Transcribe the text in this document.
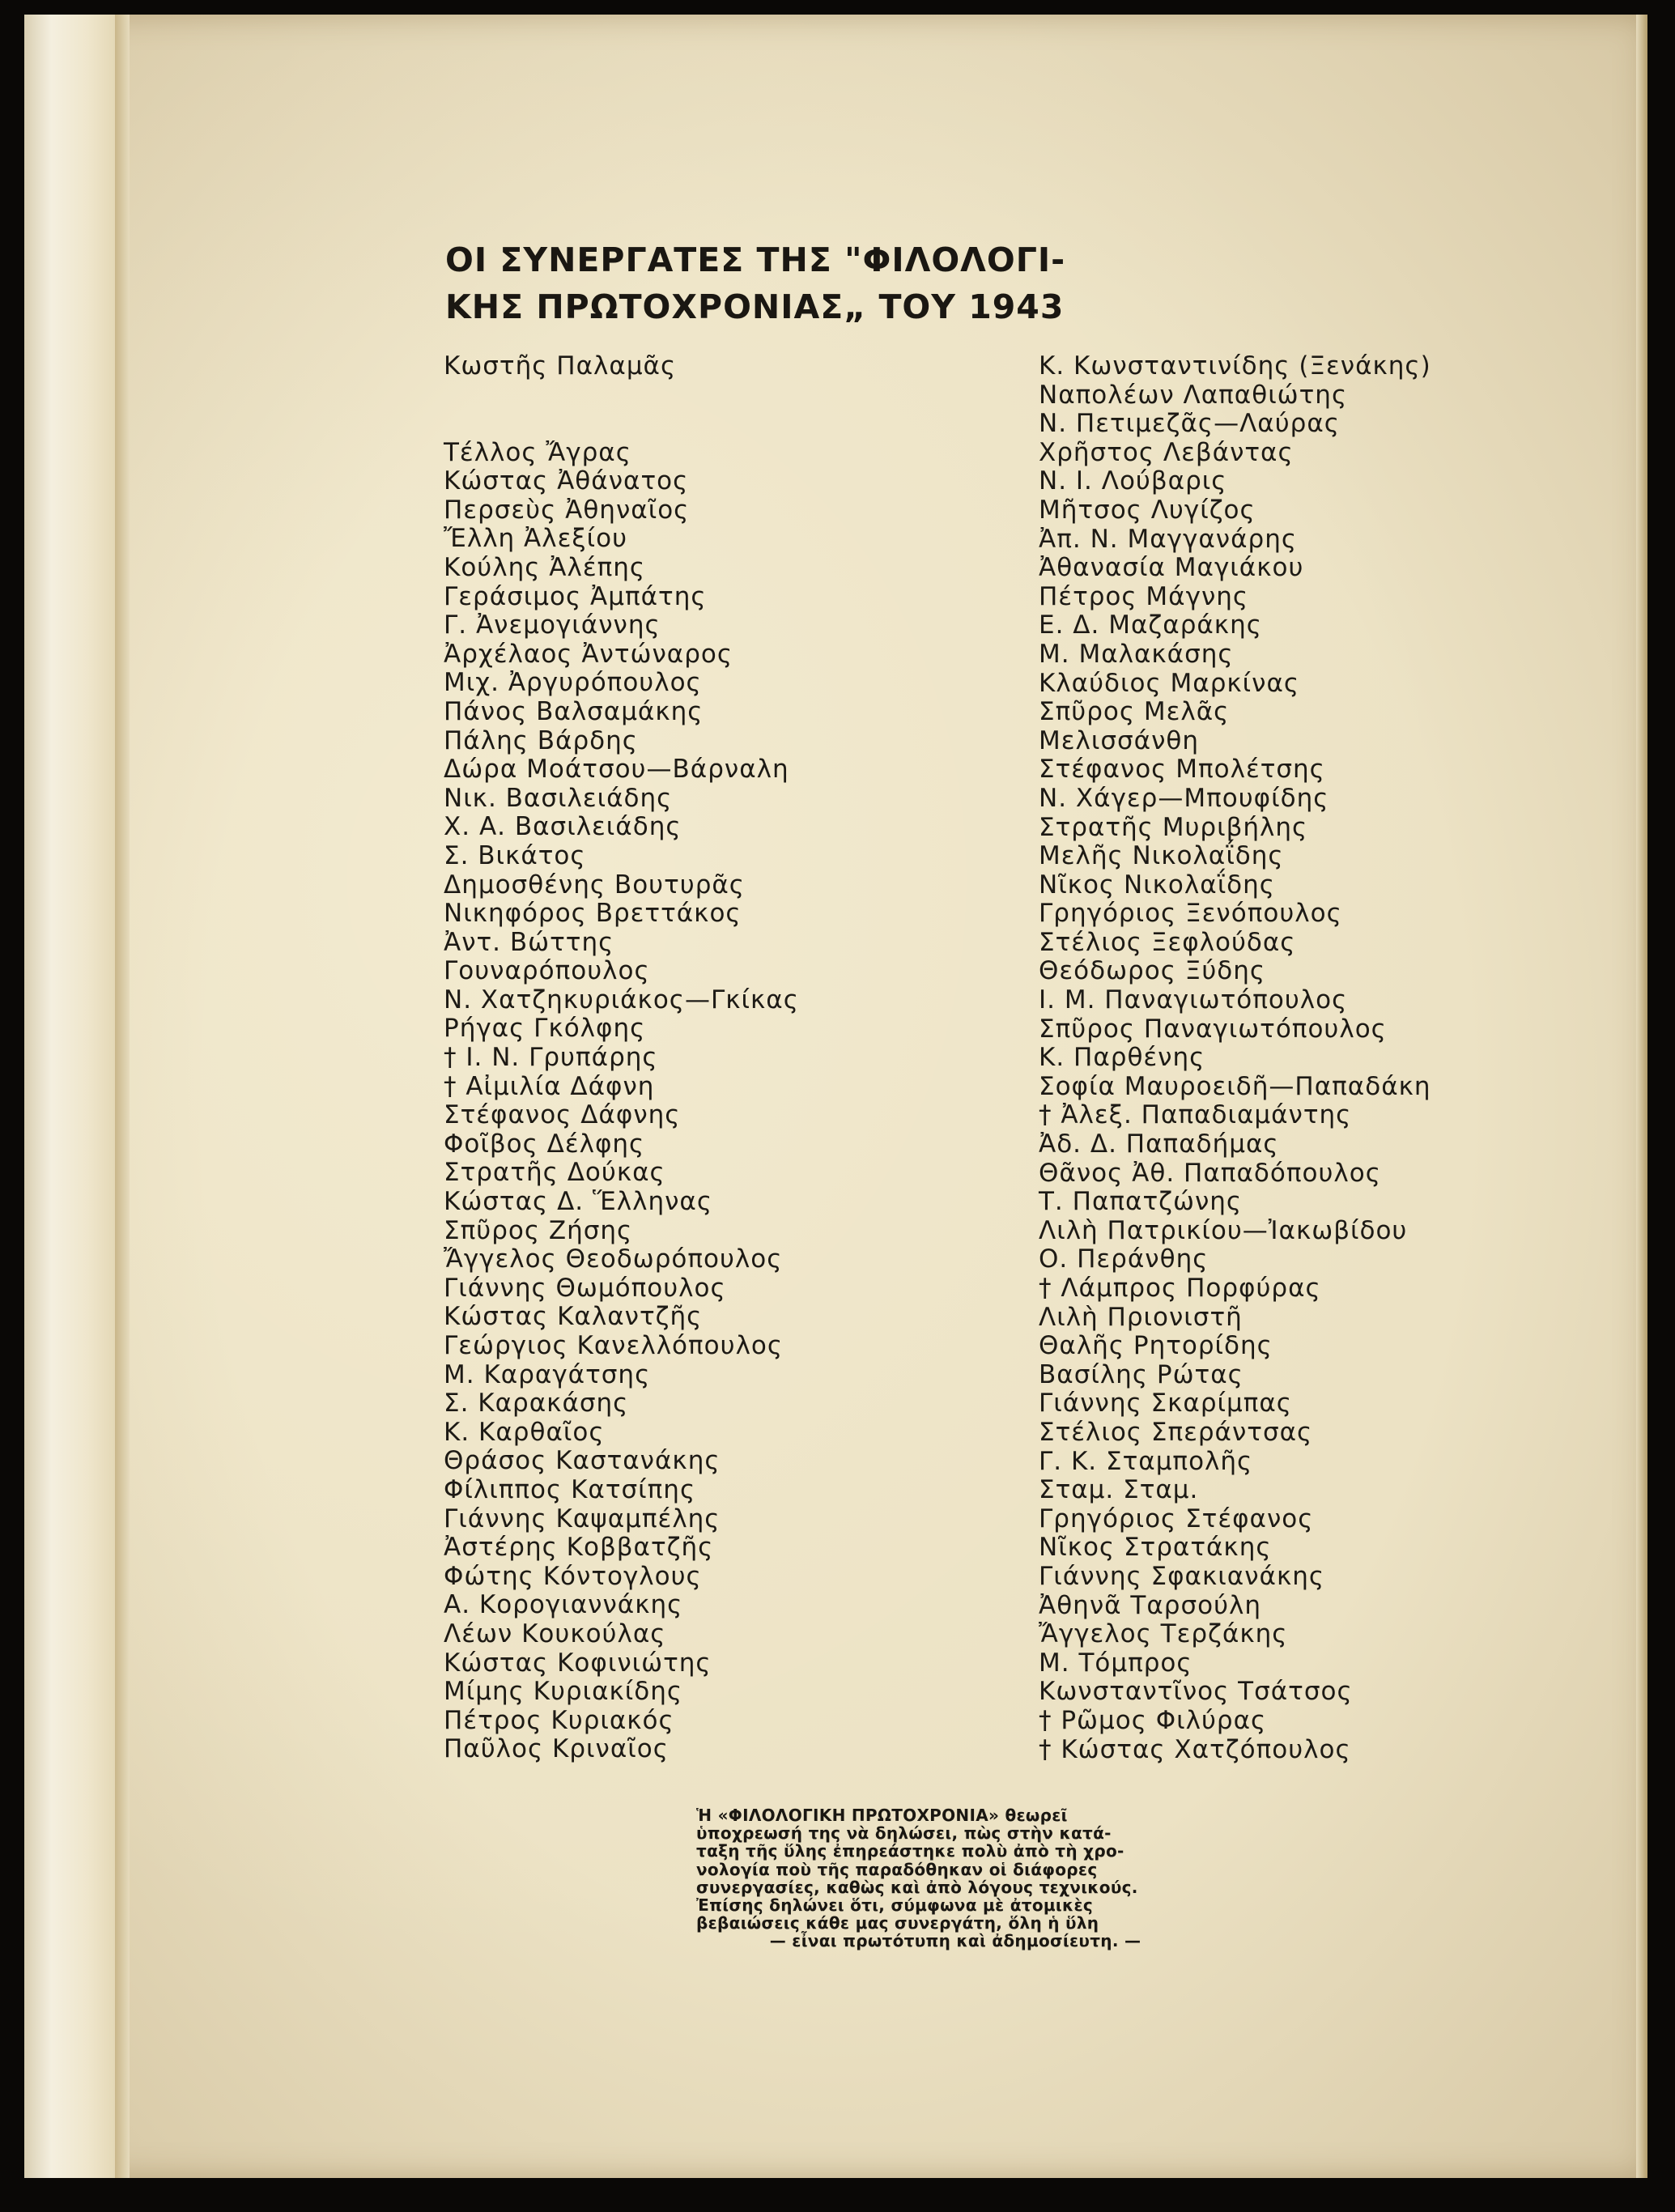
ΟΙ ΣΥΝΕΡΓΑΤΕΣ ΤΗΣ "ΦΙΛΟΛΟΓΙ-
ΚΗΣ ΠΡΩΤΟΧΡΟΝΙΑΣ„ ΤΟΥ 1943
Κωστῆς Παλαμᾶς
Τέλλος Ἄγρας
Κώστας Ἀθάνατος
Περσεὺς Ἀθηναῖος
Ἔλλη Ἀλεξίου
Κούλης Ἀλέπης
Γεράσιμος Ἀμπάτης
Γ. Ἀνεμογιάννης
Ἀρχέλαος Ἀντώναρος
Μιχ. Ἀργυρόπουλος
Πάνος Βαλσαμάκης
Πάλης Βάρδης
Δώρα Μοάτσου—Βάρναλη
Νικ. Βασιλειάδης
Χ. Α. Βασιλειάδης
Σ. Βικάτος
Δημοσθένης Βουτυρᾶς
Νικηφόρος Βρεττάκος
Ἀντ. Βώττης
Γουναρόπουλος
Ν. Χατζηκυριάκος—Γκίκας
Ρήγας Γκόλφης
† Ι. Ν. Γρυπάρης
† Αἰμιλία Δάφνη
Στέφανος Δάφνης
Φοῖβος Δέλφης
Στρατῆς Δούκας
Κώστας Δ. Ἕλληνας
Σπῦρος Ζήσης
Ἄγγελος Θεοδωρόπουλος
Γιάννης Θωμόπουλος
Κώστας Καλαντζῆς
Γεώργιος Κανελλόπουλος
Μ. Καραγάτσης
Σ. Καρακάσης
Κ. Καρθαῖος
Θράσος Καστανάκης
Φίλιππος Κατσίπης
Γιάννης Καψαμπέλης
Ἀστέρης Κοββατζῆς
Φώτης Κόντογλους
Α. Κορογιαννάκης
Λέων Κουκούλας
Κώστας Κοφινιώτης
Μίμης Κυριακίδης
Πέτρος Κυριακός
Παῦλος Κριναῖος
Κ. Κωνσταντινίδης (Ξενάκης)
Ναπολέων Λαπαθιώτης
Ν. Πετιμεζᾶς—Λαύρας
Χρῆστος Λεβάντας
Ν. Ι. Λούβαρις
Μῆτσος Λυγίζος
Ἀπ. Ν. Μαγγανάρης
Ἀθανασία Μαγιάκου
Πέτρος Μάγνης
Ε. Δ. Μαζαράκης
Μ. Μαλακάσης
Κλαύδιος Μαρκίνας
Σπῦρος Μελᾶς
Μελισσάνθη
Στέφανος Μπολέτσης
Ν. Χάγερ—Μπουφίδης
Στρατῆς Μυριβήλης
Μελῆς Νικολαΐδης
Νῖκος Νικολαΐδης
Γρηγόριος Ξενόπουλος
Στέλιος Ξεφλούδας
Θεόδωρος Ξύδης
Ι. Μ. Παναγιωτόπουλος
Σπῦρος Παναγιωτόπουλος
Κ. Παρθένης
Σοφία Μαυροειδῆ—Παπαδάκη
† Ἀλεξ. Παπαδιαμάντης
Ἀδ. Δ. Παπαδήμας
Θᾶνος Ἀθ. Παπαδόπουλος
Τ. Παπατζώνης
Λιλὴ Πατρικίου—Ἰακωβίδου
Ο. Περάνθης
† Λάμπρος Πορφύρας
Λιλὴ Πριονιστῆ
Θαλῆς Ρητορίδης
Βασίλης Ρώτας
Γιάννης Σκαρίμπας
Στέλιος Σπεράντσας
Γ. Κ. Σταμπολῆς
Σταμ. Σταμ.
Γρηγόριος Στέφανος
Νῖκος Στρατάκης
Γιάννης Σφακιανάκης
Ἀθηνᾶ Ταρσούλη
Ἄγγελος Τερζάκης
Μ. Τόμπρος
Κωνσταντῖνος Τσάτσος
† Ρῶμος Φιλύρας
† Κώστας Χατζόπουλος
Ἡ «ΦΙΛΟΛΟΓΙΚΗ ΠΡΩΤΟΧΡΟΝΙΑ» θεωρεῖ
ὑποχρεωσή της νὰ δηλώσει, πὼς στὴν κατά-
ταξη τῆς ὕλης ἐπηρεάστηκε πολὺ ἀπὸ τὴ χρο-
νολογία ποὺ τῆς παραδόθηκαν οἱ διάφορες
συνεργασίες, καθὼς καὶ ἀπὸ λόγους τεχνικούς.
Ἐπίσης δηλώνει ὅτι, σύμφωνα μὲ ἀτομικὲς
βεβαιώσεις κάθε μας συνεργάτη, ὅλη ἡ ὕλη
— εἶναι πρωτότυπη καὶ ἀδημοσίευτη. —
